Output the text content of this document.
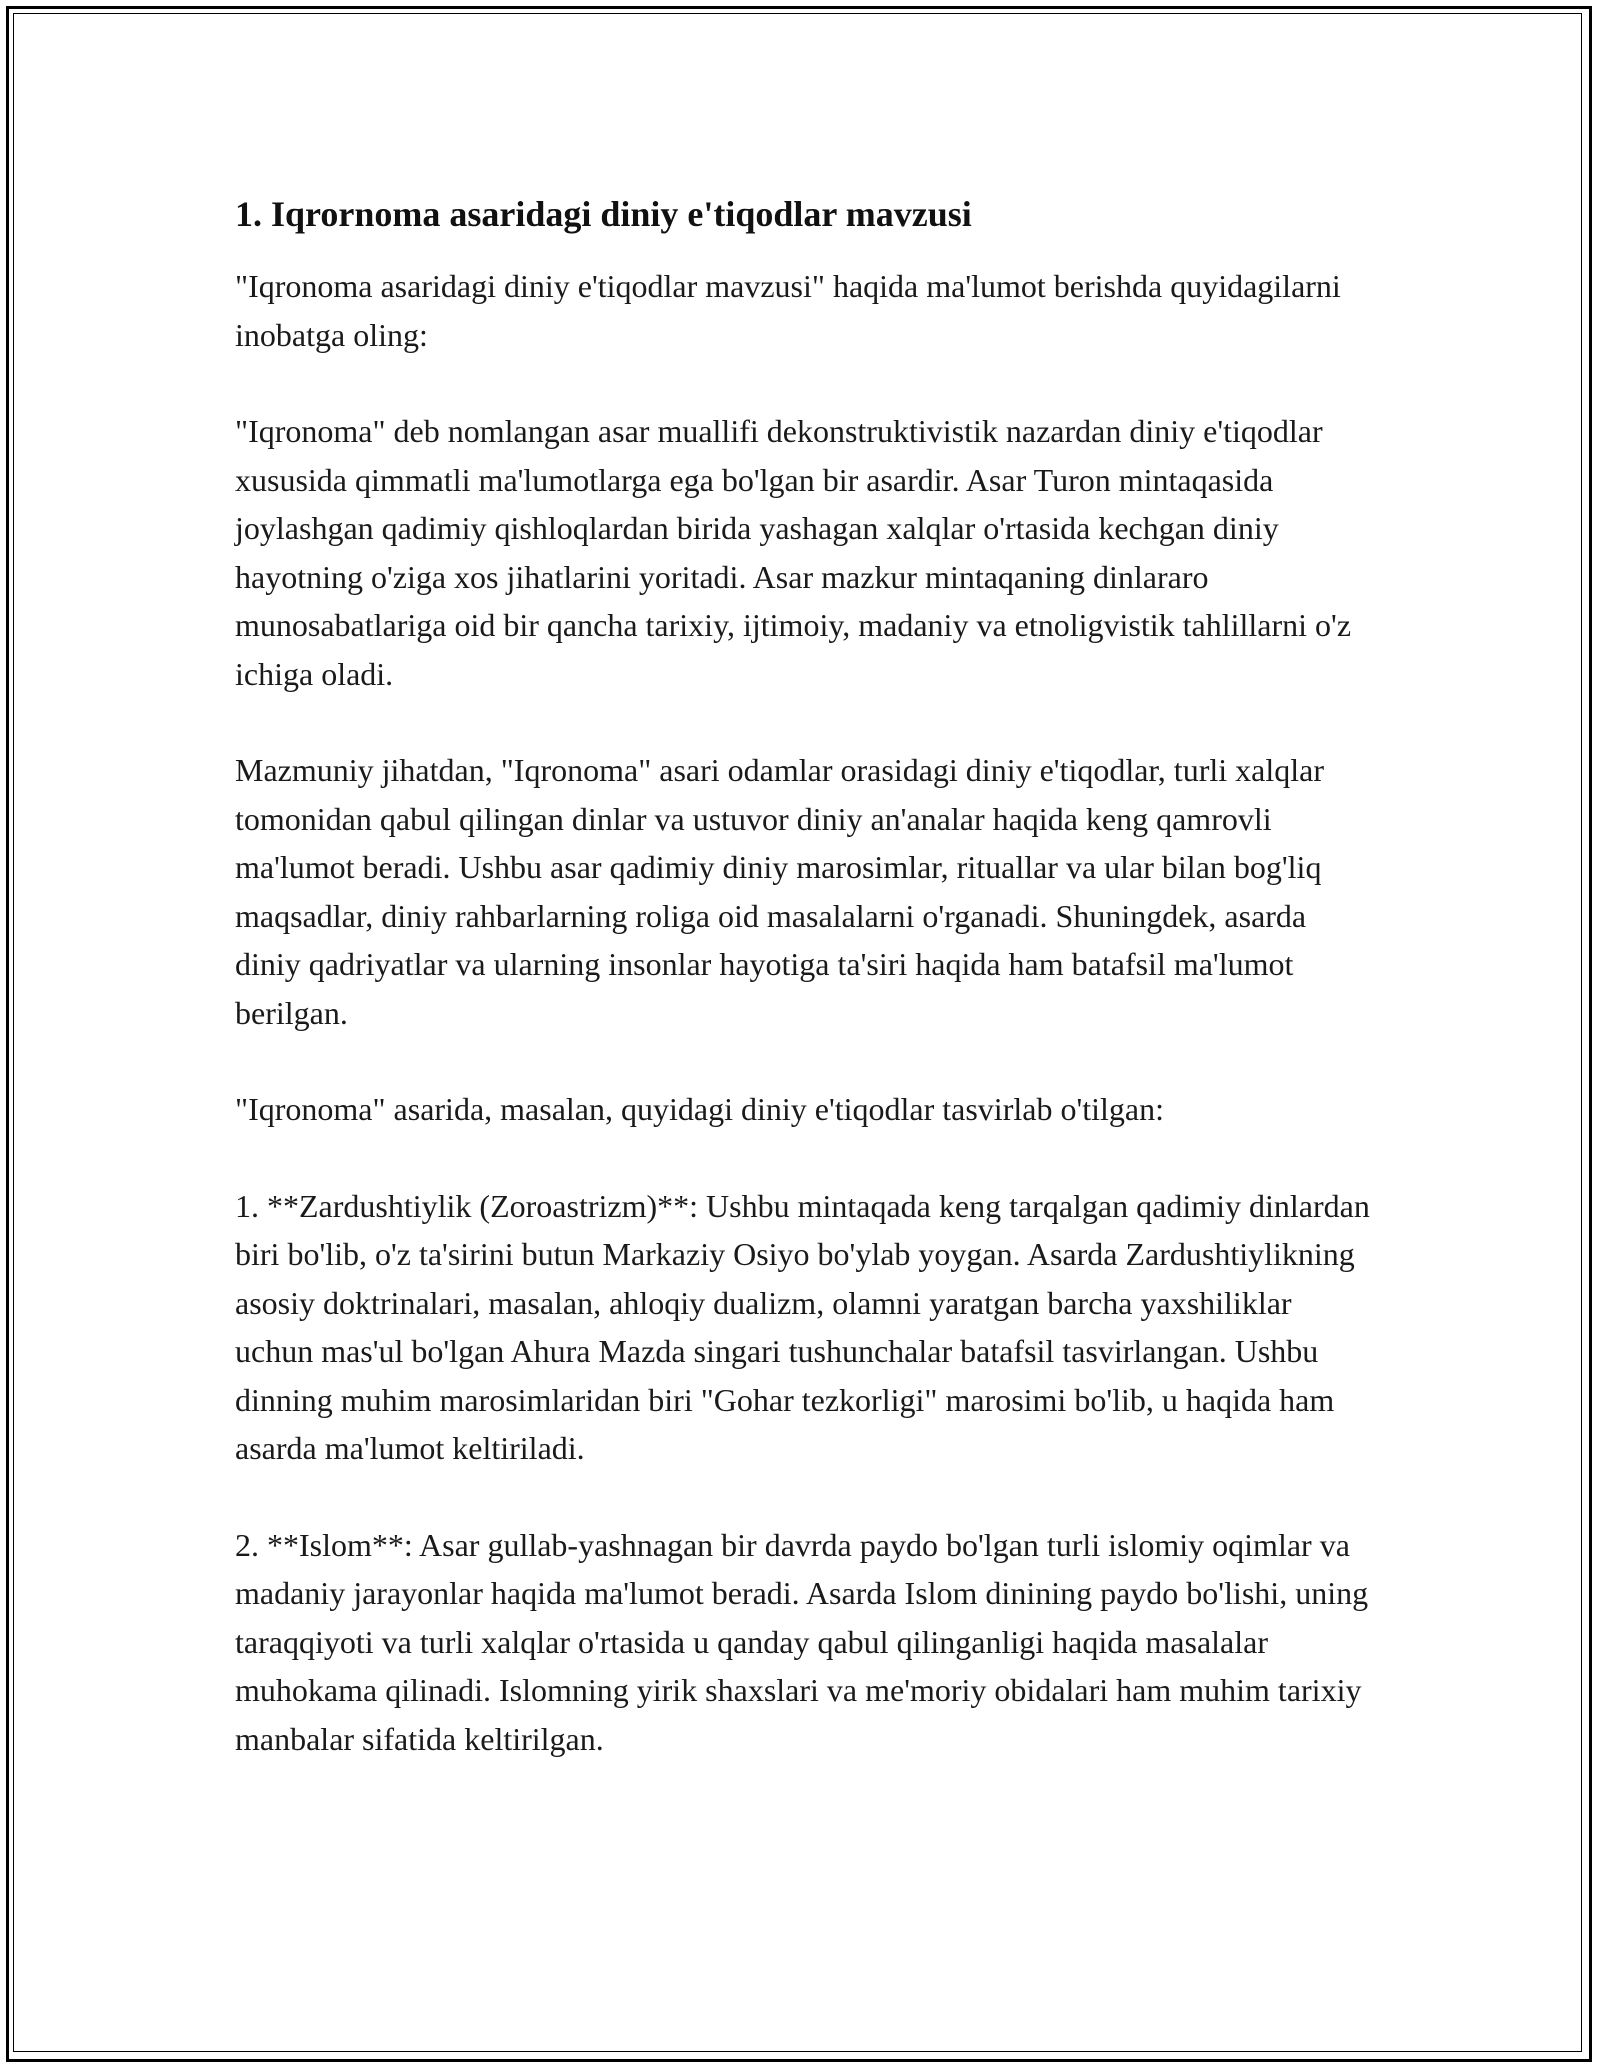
1. Iqrornoma asaridagi diniy e'tiqodlar mavzusi

"Iqronoma asaridagi diniy e'tiqodlar mavzusi" haqida ma'lumot berishda quyidagilarni inobatga oling:

"Iqronoma" deb nomlangan asar muallifi dekonstruktivistik nazardan diniy e'tiqodlar xususida qimmatli ma'lumotlarga ega bo'lgan bir asardir. Asar Turon mintaqasida joylashgan qadimiy qishloqlardan birida yashagan xalqlar o'rtasida kechgan diniy hayotning o'ziga xos jihatlarini yoritadi. Asar mazkur mintaqaning dinlararo munosabatlariga oid bir qancha tarixiy, ijtimoiy, madaniy va etnoligvistik tahlillarni o'z ichiga oladi.

Mazmuniy jihatdan, "Iqronoma" asari odamlar orasidagi diniy e'tiqodlar, turli xalqlar tomonidan qabul qilingan dinlar va ustuvor diniy an'analar haqida keng qamrovli ma'lumot beradi. Ushbu asar qadimiy diniy marosimlar, rituallar va ular bilan bog'liq maqsadlar, diniy rahbarlarning roliga oid masalalarni o'rganadi. Shuningdek, asarda diniy qadriyatlar va ularning insonlar hayotiga ta'siri haqida ham batafsil ma'lumot berilgan.

"Iqronoma" asarida, masalan, quyidagi diniy e'tiqodlar tasvirlab o'tilgan:

1. **Zardushtiylik (Zoroastrizm)**: Ushbu mintaqada keng tarqalgan qadimiy dinlardan biri bo'lib, o'z ta'sirini butun Markaziy Osiyo bo'ylab yoygan. Asarda Zardushtiylikning asosiy doktrinalari, masalan, ahloqiy dualizm, olamni yaratgan barcha yaxshiliklar uchun mas'ul bo'lgan Ahura Mazda singari tushunchalar batafsil tasvirlangan. Ushbu dinning muhim marosimlaridan biri "Gohar tezkorligi" marosimi bo'lib, u haqida ham asarda ma'lumot keltiriladi.

2. **Islom**: Asar gullab-yashnagan bir davrda paydo bo'lgan turli islomiy oqimlar va madaniy jarayonlar haqida ma'lumot beradi. Asarda Islom dinining paydo bo'lishi, uning taraqqiyoti va turli xalqlar o'rtasida u qanday qabul qilinganligi haqida masalalar muhokama qilinadi. Islomning yirik shaxslari va me'moriy obidalari ham muhim tarixiy manbalar sifatida keltirilgan.
